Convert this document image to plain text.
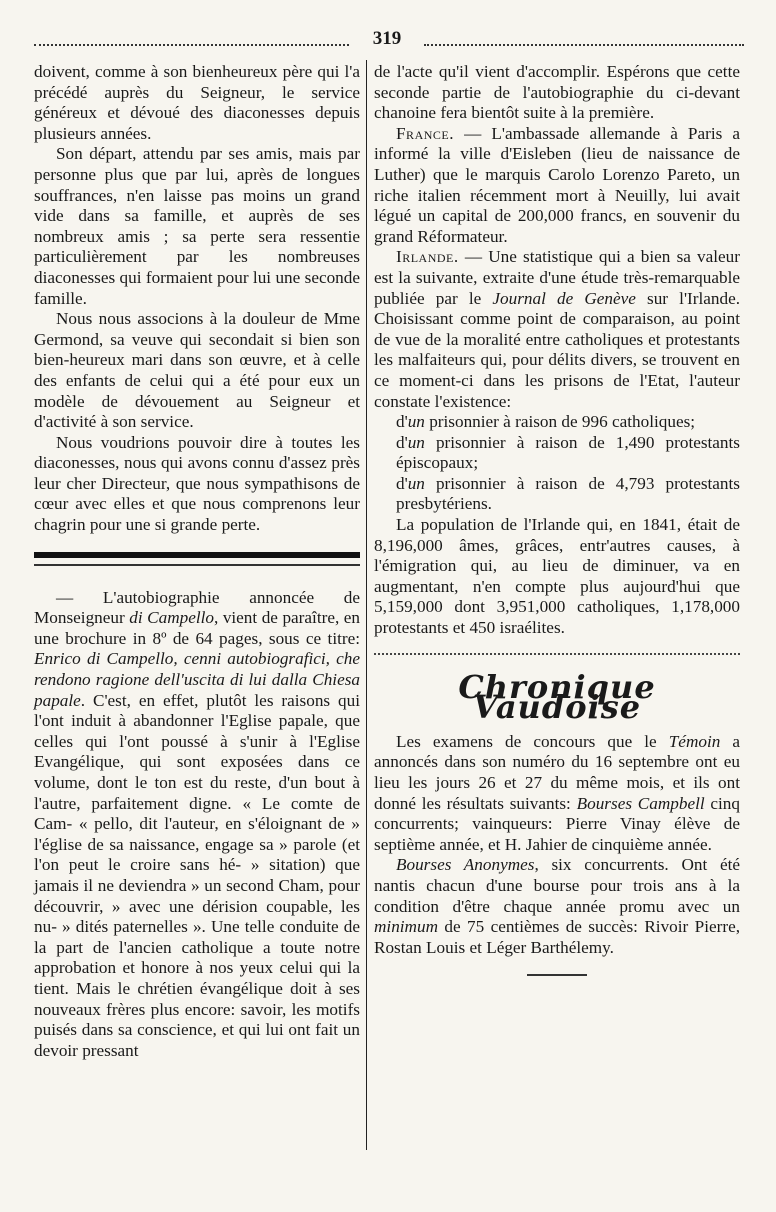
319

doivent, comme à son bienheureux père qui l'a précédé auprès du Seigneur, le service généreux et dévoué des diaconesses depuis plusieurs années.

Son départ, attendu par ses amis, mais par personne plus que par lui, après de longues souffrances, n'en laisse pas moins un grand vide dans sa famille, et auprès de ses nombreux amis ; sa perte sera ressentie particulièrement par les nombreuses diaconesses qui formaient pour lui une seconde famille.

Nous nous associons à la douleur de Mme Germond, sa veuve qui secondait si bien son bien-heureux mari dans son œuvre, et à celle des enfants de celui qui a été pour eux un modèle de dévouement au Seigneur et d'activité à son service.

Nous voudrions pouvoir dire à toutes les diaconesses, nous qui avons connu d'assez près leur cher Directeur, que nous sympathisons de cœur avec elles et que nous comprenons leur chagrin pour une si grande perte.

— L'autobiographie annoncée de Monseigneur di Campello, vient de paraître, en une brochure in 8º de 64 pages, sous ce titre: Enrico di Campello, cenni autobiografici, che rendono ragione dell'uscita di lui dalla Chiesa papale. C'est, en effet, plutôt les raisons qui l'ont induit à abandonner l'Eglise papale, que celles qui l'ont poussé à s'unir à l'Eglise Evangélique, qui sont exposées dans ce volume, dont le ton est du reste, d'un bout à l'autre, parfaitement digne. « Le comte de Cam- « pello, dit l'auteur, en s'éloignant de » l'église de sa naissance, engage sa » parole (et l'on peut le croire sans hé- » sitation) que jamais il ne deviendra » un second Cham, pour découvrir, » avec une dérision coupable, les nu- » dités paternelles ». Une telle conduite de la part de l'ancien catholique a toute notre approbation et honore à nos yeux celui qui la tient. Mais le chrétien évangélique doit à ses nouveaux frères plus encore: savoir, les motifs puisés dans sa conscience, et qui lui ont fait un devoir pressant

de l'acte qu'il vient d'accomplir. Espérons que cette seconde partie de l'autobiographie du ci-devant chanoine fera bientôt suite à la première.

France. — L'ambassade allemande à Paris a informé la ville d'Eisleben (lieu de naissance de Luther) que le marquis Carolo Lorenzo Pareto, un riche italien récemment mort à Neuilly, lui avait légué un capital de 200,000 francs, en souvenir du grand Réformateur.

Irlande. — Une statistique qui a bien sa valeur est la suivante, extraite d'une étude très-remarquable publiée par le Journal de Genève sur l'Irlande. Choisissant comme point de comparaison, au point de vue de la moralité entre catholiques et protestants les malfaiteurs qui, pour délits divers, se trouvent en ce moment-ci dans les prisons de l'Etat, l'auteur constate l'existence:

d'un prisonnier à raison de 996 catholiques;

d'un prisonnier à raison de 1,490 protestants épiscopaux;

d'un prisonnier à raison de 4,793 protestants presbytériens.

La population de l'Irlande qui, en 1841, était de 8,196,000 âmes, grâces, entr'autres causes, à l'émigration qui, au lieu de diminuer, va en augmentant, n'en compte plus aujourd'hui que 5,159,000 dont 3,951,000 catholiques, 1,178,000 protestants et 450 israélites.

Chronique Vaudoise

Les examens de concours que le Témoin a annoncés dans son numéro du 16 septembre ont eu lieu les jours 26 et 27 du même mois, et ils ont donné les résultats suivants: Bourses Campbell cinq concurrents; vainqueurs: Pierre Vinay élève de septième année, et H. Jahier de cinquième année.

Bourses Anonymes, six concurrents. Ont été nantis chacun d'une bourse pour trois ans à la condition d'être chaque année promu avec un minimum de 75 centièmes de succès: Rivoir Pierre, Rostan Louis et Léger Barthélemy.
